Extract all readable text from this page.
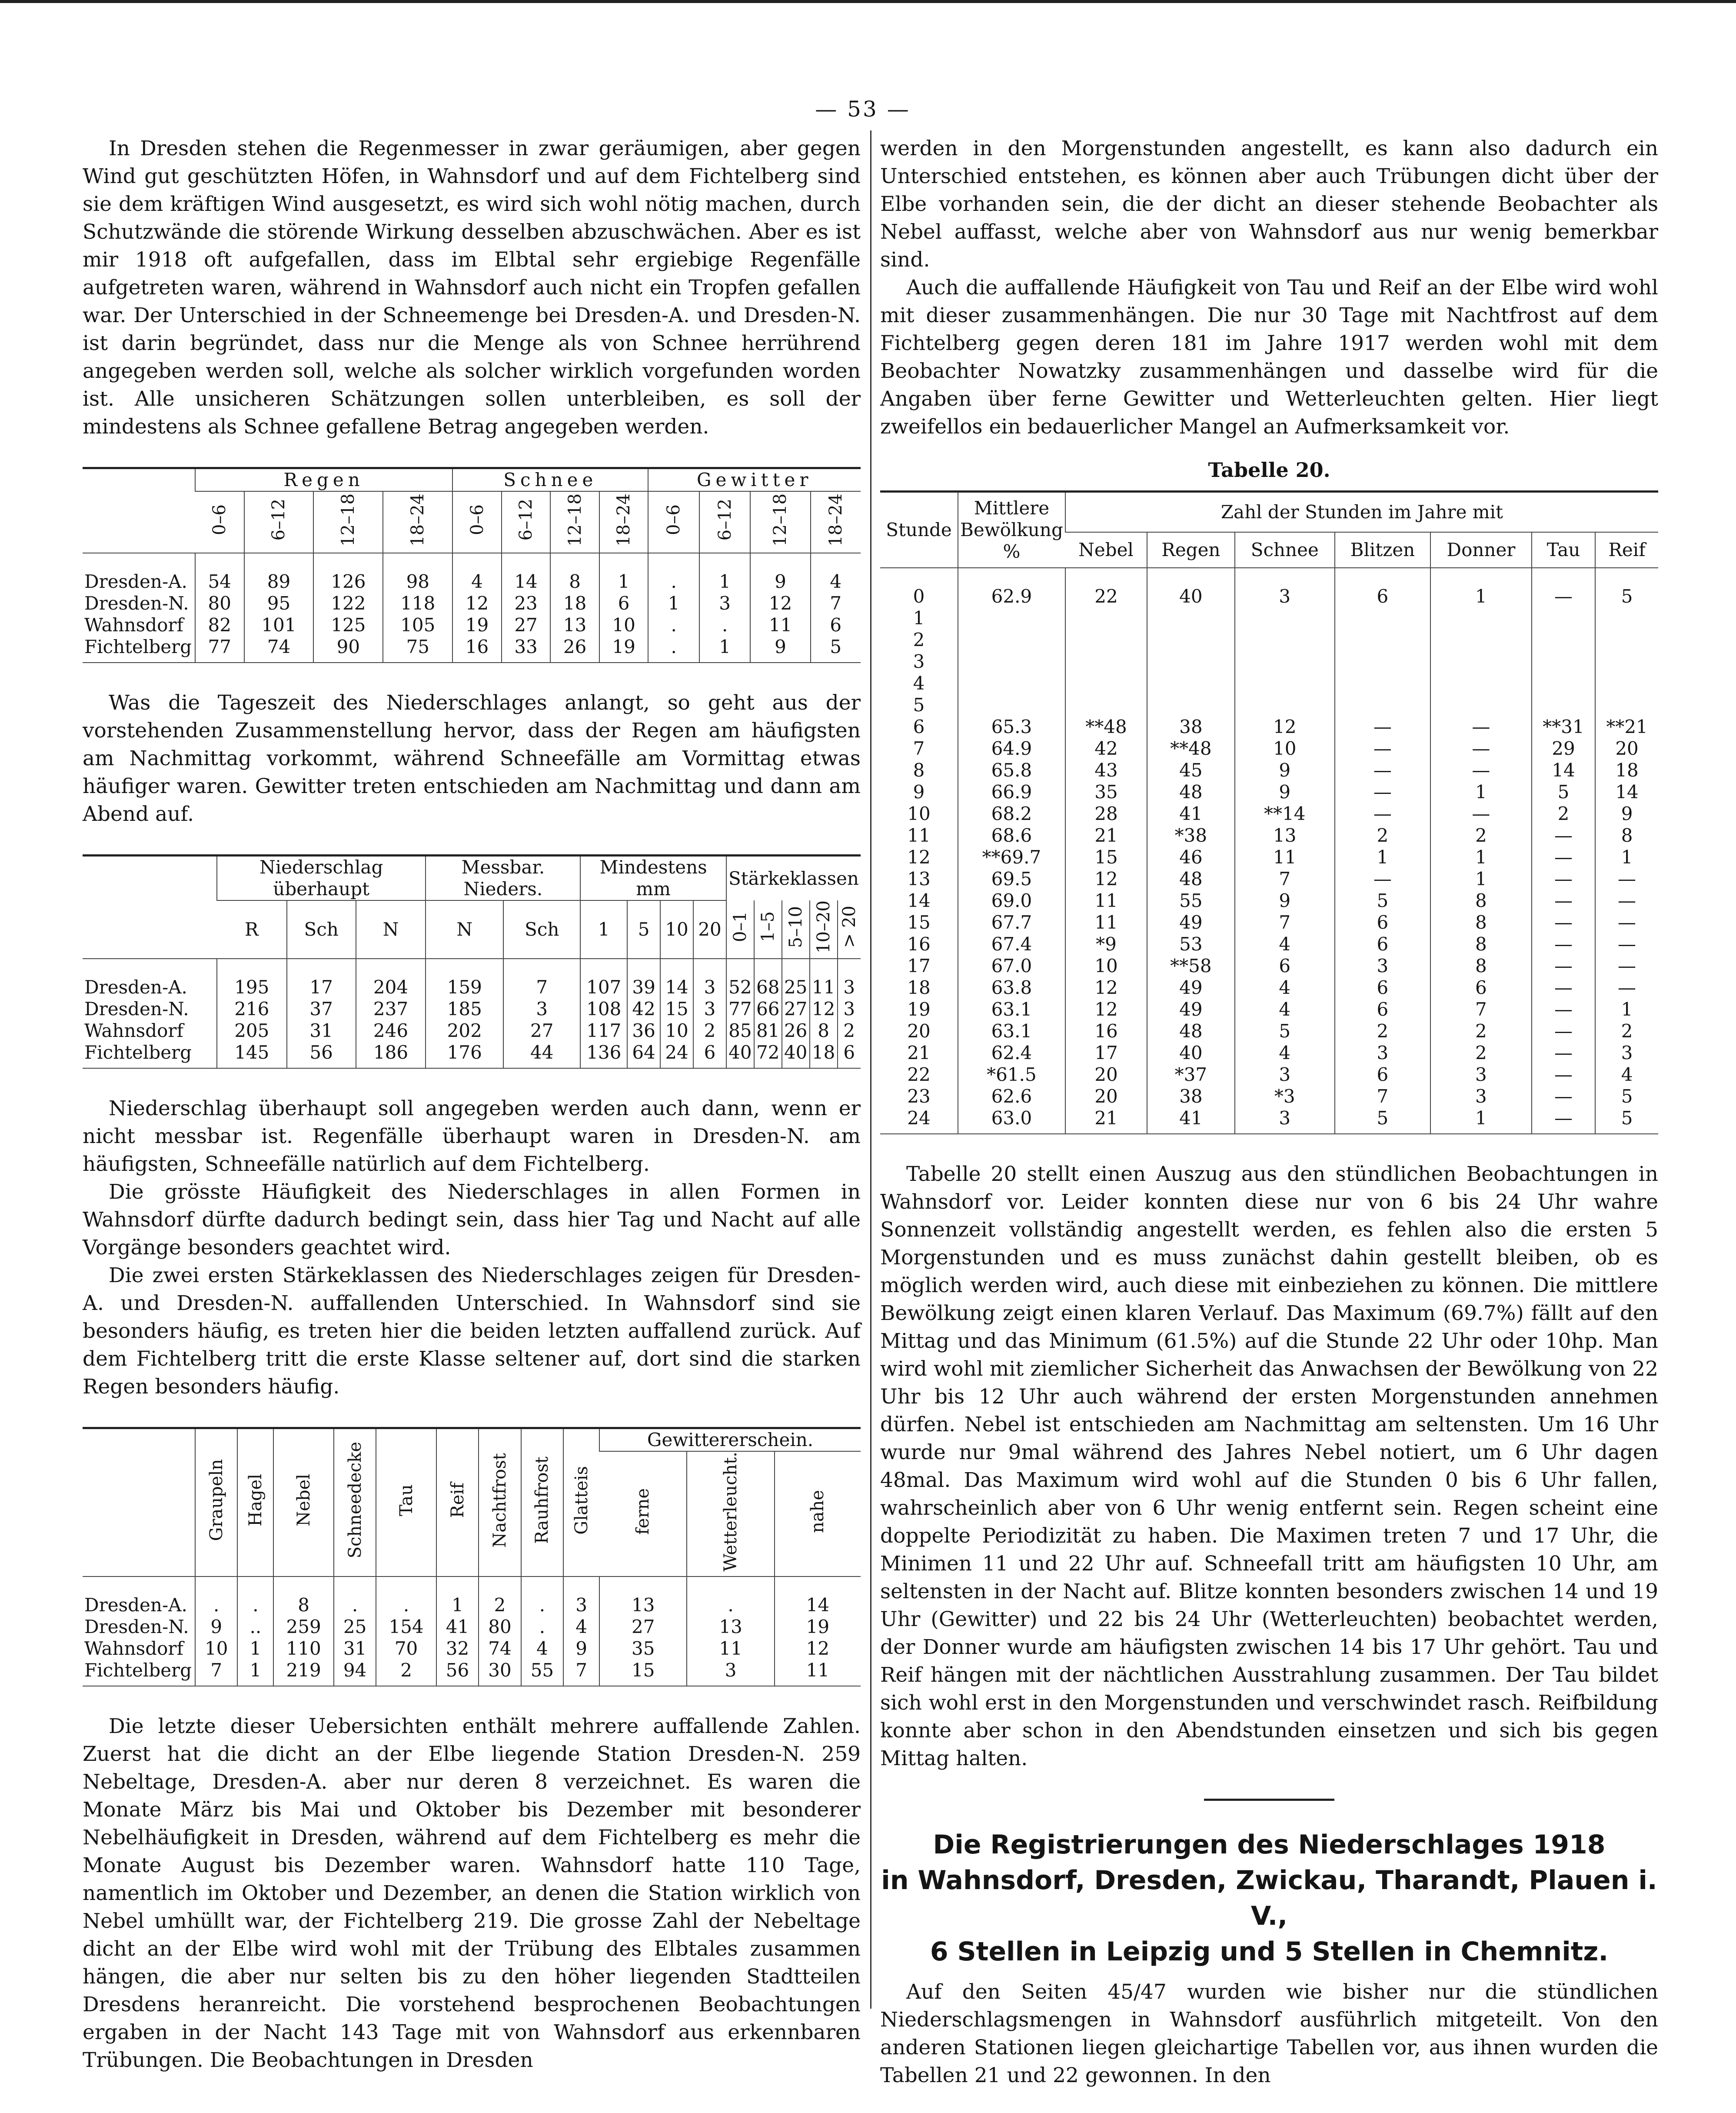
— 53 —

In Dresden stehen die Regenmesser in zwar geräumigen, aber gegen Wind gut geschützten Höfen, in Wahnsdorf und auf dem Fichtelberg sind sie dem kräftigen Wind ausgesetzt, es wird sich wohl nötig machen, durch Schutzwände die störende Wirkung desselben abzuschwächen. Aber es ist mir 1918 oft aufgefallen, dass im Elbtal sehr ergiebige Regenfälle aufgetreten waren, während in Wahnsdorf auch nicht ein Tropfen gefallen war. Der Unterschied in der Schneemenge bei Dresden-A. und Dresden-N. ist darin begründet, dass nur die Menge als von Schnee herrührend angegeben werden soll, welche als solcher wirklich vorgefunden worden ist. Alle unsicheren Schätzungen sollen unterbleiben, es soll der mindestens als Schnee gefallene Betrag angegeben werden.

	Regen				Schnee				Gewitter			
	0–6	6–12	12–18	18–24	0–6	6–12	12–18	18–24	0–6	6–12	12–18	18–24
Dresden-A.	54	89	126	98	4	14	8	1	.	1	9	4
Dresden-N.	80	95	122	118	12	23	18	6	1	3	12	7
Wahnsdorf	82	101	125	105	19	27	13	10	.	.	11	6
Fichtelberg	77	74	90	75	16	33	26	19	.	1	9	5

Was die Tageszeit des Niederschlages anlangt, so geht aus der vorstehenden Zusammenstellung hervor, dass der Regen am häufigsten am Nachmittag vorkommt, während Schneefälle am Vormittag etwas häufiger waren. Gewitter treten entschieden am Nachmittag und dann am Abend auf.

	Niederschlag überhaupt			Messbar. Nieders.		Mindestens mm				Stärkeklassen				
	R	Sch	N	N	Sch	1	5	10	20	0–1	1–5	5–10	10–20	> 20
Dresden-A.	195	17	204	159	7	107	39	14	3	52	68	25	11	3
Dresden-N.	216	37	237	185	3	108	42	15	3	77	66	27	12	3
Wahnsdorf	205	31	246	202	27	117	36	10	2	85	81	26	8	2
Fichtelberg	145	56	186	176	44	136	64	24	6	40	72	40	18	6

Niederschlag überhaupt soll angegeben werden auch dann, wenn er nicht messbar ist. Regenfälle überhaupt waren in Dresden-N. am häufigsten, Schneefälle natürlich auf dem Fichtelberg.

Die grösste Häufigkeit des Niederschlages in allen Formen in Wahnsdorf dürfte dadurch bedingt sein, dass hier Tag und Nacht auf alle Vorgänge besonders geachtet wird.

Die zwei ersten Stärkeklassen des Niederschlages zeigen für Dresden-A. und Dresden-N. auffallenden Unterschied. In Wahnsdorf sind sie besonders häufig, es treten hier die beiden letzten auffallend zurück. Auf dem Fichtelberg tritt die erste Klasse seltener auf, dort sind die starken Regen besonders häufig.

	Graupeln	Hagel	Nebel	Schneedecke	Tau	Reif	Nachtfrost	Rauhfrost	Glatteis	Gewittererschein.		
										ferne	Wetterleucht.	nahe
Dresden-A.	.	.	8	.	.	1	2	.	3	13	.	14
Dresden-N.	9	..	259	25	154	41	80	.	4	27	13	19
Wahnsdorf	10	1	110	31	70	32	74	4	9	35	11	12
Fichtelberg	7	1	219	94	2	56	30	55	7	15	3	11

Die letzte dieser Uebersichten enthält mehrere auffallende Zahlen. Zuerst hat die dicht an der Elbe liegende Station Dresden-N. 259 Nebeltage, Dresden-A. aber nur deren 8 verzeichnet. Es waren die Monate März bis Mai und Oktober bis Dezember mit besonderer Nebelhäufigkeit in Dresden, während auf dem Fichtelberg es mehr die Monate August bis Dezember waren. Wahnsdorf hatte 110 Tage, namentlich im Oktober und Dezember, an denen die Station wirklich von Nebel umhüllt war, der Fichtelberg 219. Die grosse Zahl der Nebeltage dicht an der Elbe wird wohl mit der Trübung des Elbtales zusammen hängen, die aber nur selten bis zu den höher liegenden Stadtteilen Dresdens heranreicht. Die vorstehend besprochenen Beobachtungen ergaben in der Nacht 143 Tage mit von Wahnsdorf aus erkennbaren Trübungen. Die Beobachtungen in Dresden

werden in den Morgenstunden angestellt, es kann also dadurch ein Unterschied entstehen, es können aber auch Trübungen dicht über der Elbe vorhanden sein, die der dicht an dieser stehende Beobachter als Nebel auffasst, welche aber von Wahnsdorf aus nur wenig bemerkbar sind.

Auch die auffallende Häufigkeit von Tau und Reif an der Elbe wird wohl mit dieser zusammenhängen. Die nur 30 Tage mit Nachtfrost auf dem Fichtelberg gegen deren 181 im Jahre 1917 werden wohl mit dem Beobachter Nowatzky zusammenhängen und dasselbe wird für die Angaben über ferne Gewitter und Wetterleuchten gelten. Hier liegt zweifellos ein bedauerlicher Mangel an Aufmerksamkeit vor.

Tabelle 20.

Stunde	Mittlere Bewölkung %	Zahl der Stunden im Jahre mit						
		Nebel	Regen	Schnee	Blitzen	Donner	Tau	Reif
0	62.9	22	40	3	6	1	—	5
1								
2								
3								
4								
5								
6	65.3	**48	38	12	—	—	**31	**21
7	64.9	42	**48	10	—	—	29	20
8	65.8	43	45	9	—	—	14	18
9	66.9	35	48	9	—	1	5	14
10	68.2	28	41	**14	—	—	2	9
11	68.6	21	*38	13	2	2	—	8
12	**69.7	15	46	11	1	1	—	1
13	69.5	12	48	7	—	1	—	—
14	69.0	11	55	9	5	8	—	—
15	67.7	11	49	7	6	8	—	—
16	67.4	*9	53	4	6	8	—	—
17	67.0	10	**58	6	3	8	—	—
18	63.8	12	49	4	6	6	—	—
19	63.1	12	49	4	6	7	—	1
20	63.1	16	48	5	2	2	—	2
21	62.4	17	40	4	3	2	—	3
22	*61.5	20	*37	3	6	3	—	4
23	62.6	20	38	*3	7	3	—	5
24	63.0	21	41	3	5	1	—	5

Tabelle 20 stellt einen Auszug aus den stündlichen Beobachtungen in Wahnsdorf vor. Leider konnten diese nur von 6 bis 24 Uhr wahre Sonnenzeit vollständig angestellt werden, es fehlen also die ersten 5 Morgenstunden und es muss zunächst dahin gestellt bleiben, ob es möglich werden wird, auch diese mit einbeziehen zu können. Die mittlere Bewölkung zeigt einen klaren Verlauf. Das Maximum (69.7%) fällt auf den Mittag und das Minimum (61.5%) auf die Stunde 22 Uhr oder 10hp. Man wird wohl mit ziemlicher Sicherheit das Anwachsen der Bewölkung von 22 Uhr bis 12 Uhr auch während der ersten Morgenstunden annehmen dürfen. Nebel ist entschieden am Nachmittag am seltensten. Um 16 Uhr wurde nur 9mal während des Jahres Nebel notiert, um 6 Uhr dagen 48mal. Das Maximum wird wohl auf die Stunden 0 bis 6 Uhr fallen, wahrscheinlich aber von 6 Uhr wenig entfernt sein. Regen scheint eine doppelte Periodizität zu haben. Die Maximen treten 7 und 17 Uhr, die Minimen 11 und 22 Uhr auf. Schneefall tritt am häufigsten 10 Uhr, am seltensten in der Nacht auf. Blitze konnten besonders zwischen 14 und 19 Uhr (Gewitter) und 22 bis 24 Uhr (Wetterleuchten) beobachtet werden, der Donner wurde am häufigsten zwischen 14 bis 17 Uhr gehört. Tau und Reif hängen mit der nächtlichen Ausstrahlung zusammen. Der Tau bildet sich wohl erst in den Morgenstunden und verschwindet rasch. Reifbildung konnte aber schon in den Abendstunden einsetzen und sich bis gegen Mittag halten.

Die Registrierungen des Niederschlages 1918

in Wahnsdorf, Dresden, Zwickau, Tharandt, Plauen i. V.,

6 Stellen in Leipzig und 5 Stellen in Chemnitz.

Auf den Seiten 45/47 wurden wie bisher nur die stündlichen Niederschlagsmengen in Wahnsdorf ausführlich mitgeteilt. Von den anderen Stationen liegen gleichartige Tabellen vor, aus ihnen wurden die Tabellen 21 und 22 gewonnen. In den
